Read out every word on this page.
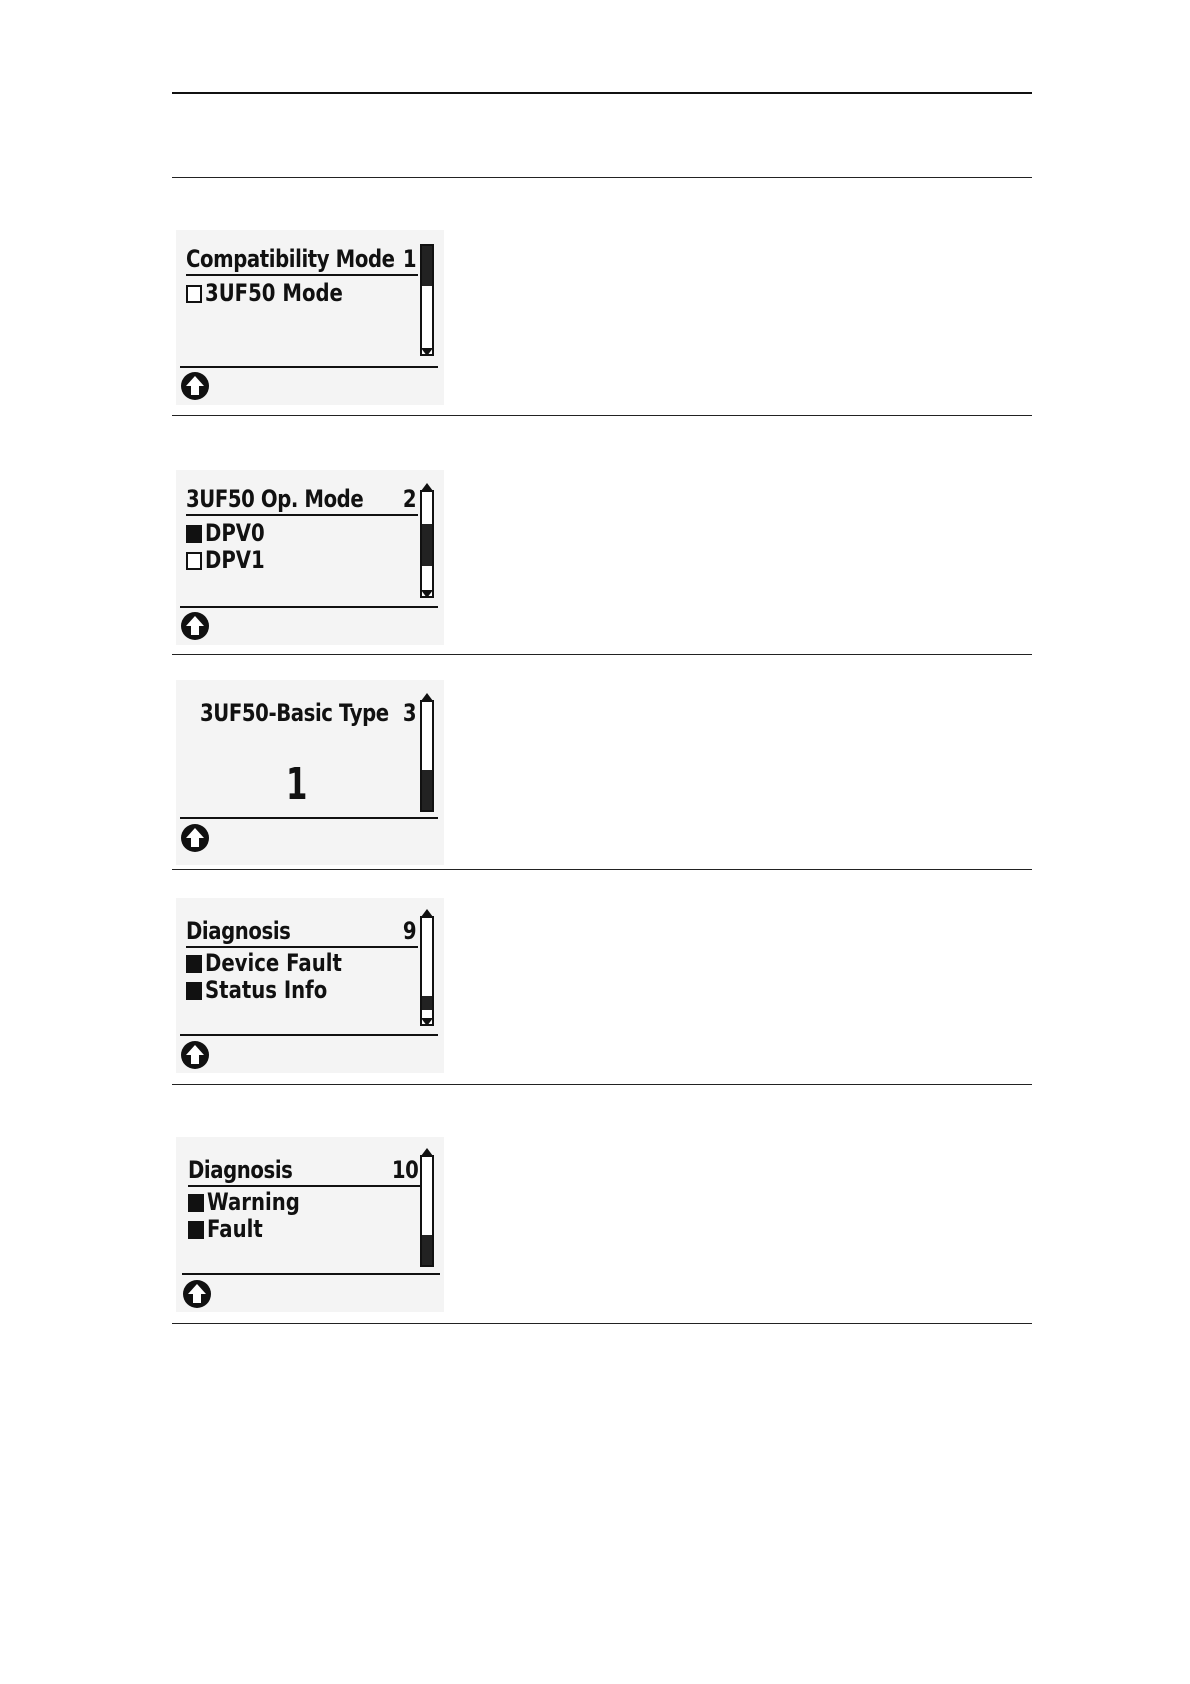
Compatibility Mode 1
3UF50 Mode
3UF50 Op. Mode 2
DPV0
DPV1
3UF50-Basic Type 3
1
Diagnosis	9
Device Fault
Status Info
Diagnosis	10
Warning
Fault
